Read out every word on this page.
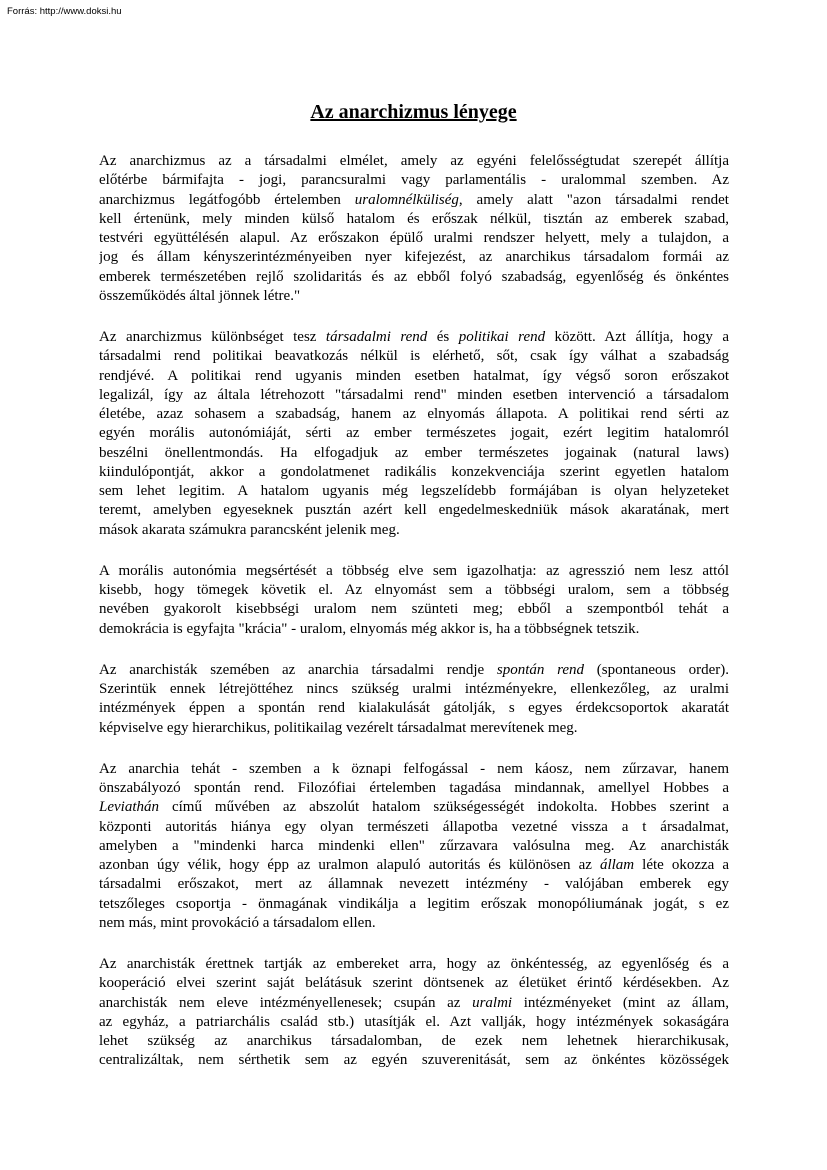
Forrás: http://www.doksi.hu
Az anarchizmus lényege
Az anarchizmus az a társadalmi elmélet, amely az egyéni felelősségtudat szerepét állítja
előtérbe bármifajta - jogi, parancsuralmi vagy parlamentális - uralommal szemben. Az
anarchizmus legátfogóbb értelemben uralomnélküliség, amely alatt "azon társadalmi rendet
kell értenünk, mely minden külső hatalom és erőszak nélkül, tisztán az emberek szabad,
testvéri együttélésén alapul. Az erőszakon épülő uralmi rendszer helyett, mely a tulajdon, a
jog és állam kényszerintézményeiben nyer kifejezést, az anarchikus társadalom formái az
emberek természetében rejlő szolidaritás és az ebből folyó szabadság, egyenlőség és önkéntes
összeműködés által jönnek létre."
Az anarchizmus különbséget tesz társadalmi rend és politikai rend között. Azt állítja, hogy a
társadalmi rend politikai beavatkozás nélkül is elérhető, sőt, csak így válhat a szabadság
rendjévé. A politikai rend ugyanis minden esetben hatalmat, így végső soron erőszakot
legalizál, így az általa létrehozott "társadalmi rend" minden esetben intervenció a társadalom
életébe, azaz sohasem a szabadság, hanem az elnyomás állapota. A politikai rend sérti az
egyén morális autonómiáját, sérti az ember természetes jogait, ezért legitim hatalomról
beszélni önellentmondás. Ha elfogadjuk az ember természetes jogainak (natural laws)
kiindulópontját, akkor a gondolatmenet radikális konzekvenciája szerint egyetlen hatalom
sem lehet legitim. A hatalom ugyanis még legszelídebb formájában is olyan helyzeteket
teremt, amelyben egyeseknek pusztán azért kell engedelmeskedniük mások akaratának, mert
mások akarata számukra parancsként jelenik meg.
A morális autonómia megsértését a többség elve sem igazolhatja: az agresszió nem lesz attól
kisebb, hogy tömegek követik el. Az elnyomást sem a többségi uralom, sem a többség
nevében gyakorolt kisebbségi uralom nem szünteti meg; ebből a szempontból tehát a
demokrácia is egyfajta "krácia" - uralom, elnyomás még akkor is, ha a többségnek tetszik.
Az anarchisták szemében az anarchia társadalmi rendje spontán rend (spontaneous order).
Szerintük ennek létrejöttéhez nincs szükség uralmi intézményekre, ellenkezőleg, az uralmi
intézmények éppen a spontán rend kialakulását gátolják, s egyes érdekcsoportok akaratát
képviselve egy hierarchikus, politikailag vezérelt társadalmat merevítenek meg.
Az anarchia tehát - szemben a k öznapi felfogással - nem káosz, nem zűrzavar, hanem
önszabályozó spontán rend. Filozófiai értelemben tagadása mindannak, amellyel Hobbes a
Leviathán című művében az abszolút hatalom szükségességét indokolta. Hobbes szerint a
központi autoritás hiánya egy olyan természeti állapotba vezetné vissza a t ársadalmat,
amelyben a "mindenki harca mindenki ellen" zűrzavara valósulna meg. Az anarchisták
azonban úgy vélik, hogy épp az uralmon alapuló autoritás és különösen az állam léte okozza a
társadalmi erőszakot, mert az államnak nevezett intézmény - valójában emberek egy
tetszőleges csoportja - önmagának vindikálja a legitim erőszak monopóliumának jogát, s ez
nem más, mint provokáció a társadalom ellen.
Az anarchisták érettnek tartják az embereket arra, hogy az önkéntesség, az egyenlőség és a
kooperáció elvei szerint saját belátásuk szerint döntsenek az életüket érintő kérdésekben. Az
anarchisták nem eleve intézményellenesek; csupán az uralmi intézményeket (mint az állam,
az egyház, a patriarchális család stb.) utasítják el. Azt vallják, hogy intézmények sokaságára
lehet szükség az anarchikus társadalomban, de ezek nem lehetnek hierarchikusak,
centralizáltak, nem sérthetik sem az egyén szuverenitását, sem az önkéntes közösségek
